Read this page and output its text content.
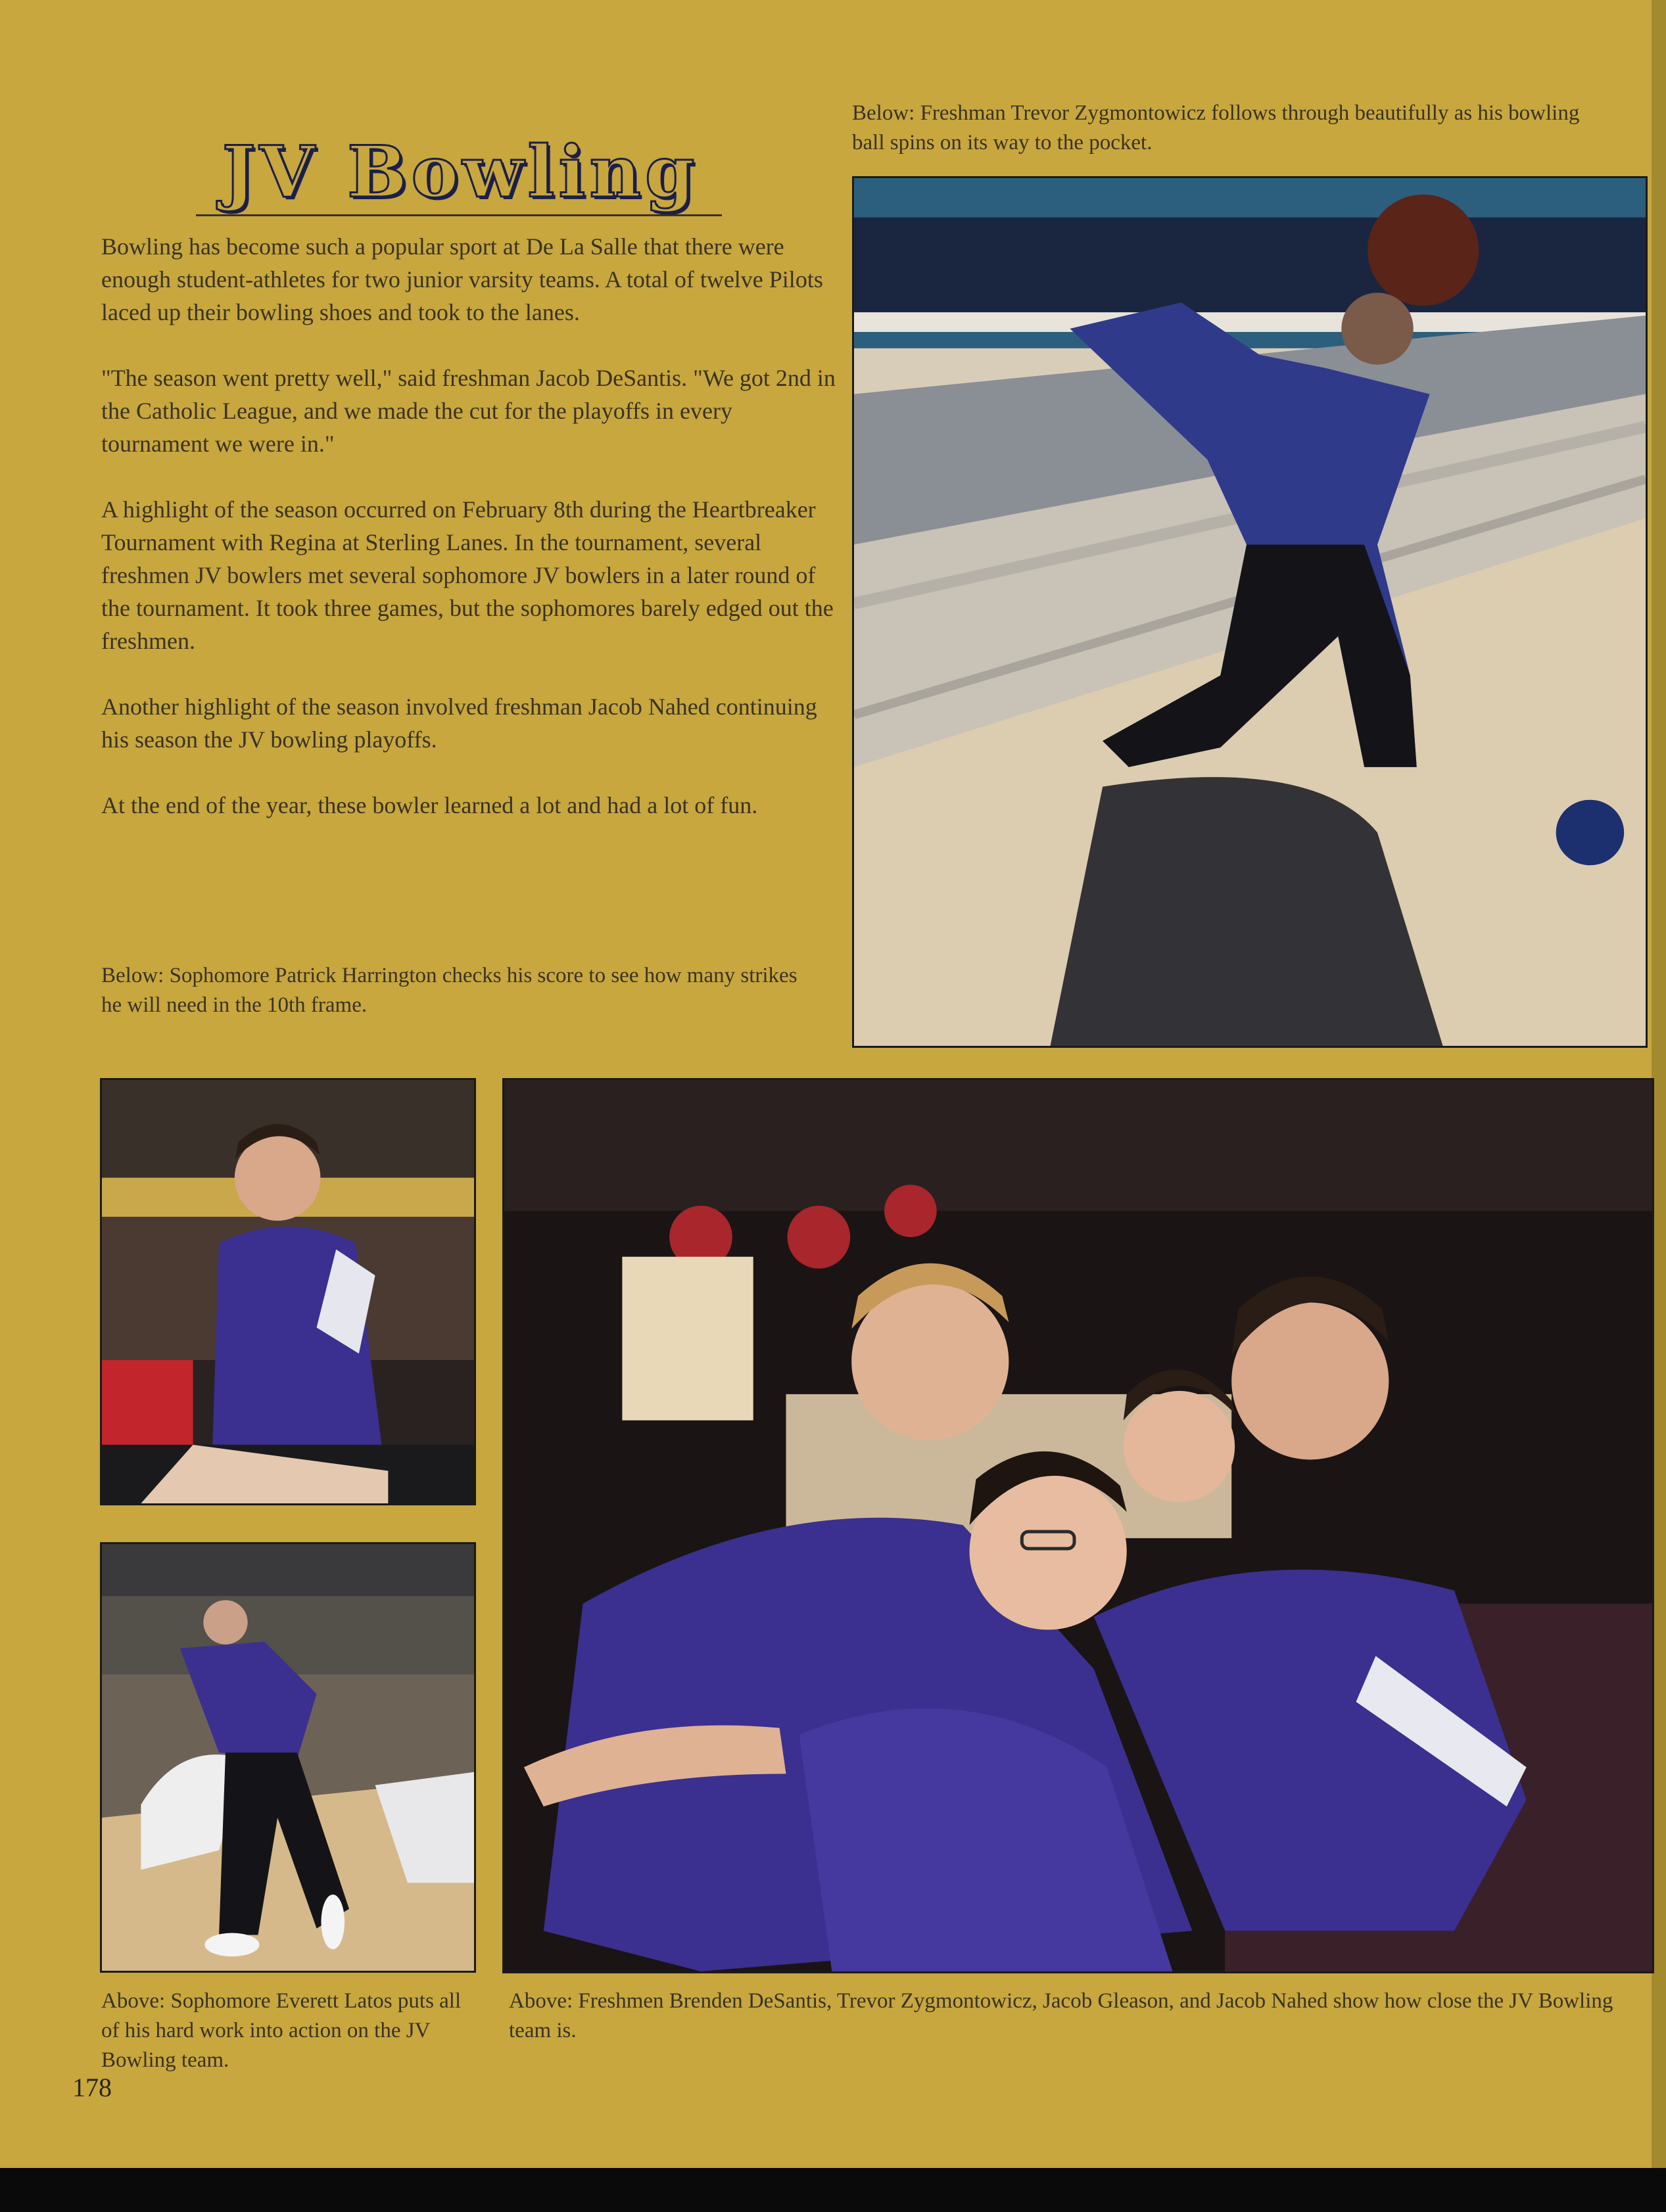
JV Bowling

Bowling has become such a popular sport at De La Salle that there were enough student-athletes for two junior varsity teams. A total of twelve Pilots laced up their bowling shoes and took to the lanes.

"The season went pretty well," said freshman Jacob DeSantis. "We got 2nd in the Catholic League, and we made the cut for the playoffs in every tournament we were in."

A highlight of the season occurred on February 8th during the Heartbreaker Tournament with Regina at Sterling Lanes. In the tournament, several freshmen JV bowlers met several sophomore JV bowlers in a later round of the tournament. It took three games, but the sophomores barely edged out the freshmen.

Another highlight of the season involved freshman Jacob Nahed continuing his season the JV bowling playoffs.

At the end of the year, these bowler learned a lot and had a lot of fun.

Below: Freshman Trevor Zygmontowicz follows through beautifully as his bowling ball spins on its way to the pocket.
Below: Sophomore Patrick Harrington checks his score to see how many strikes he will need in the 10th frame.
Above: Sophomore Everett Latos puts all of his hard work into action on the JV Bowling team.
Above: Freshmen Brenden DeSantis, Trevor Zygmontowicz, Jacob Gleason, and Jacob Nahed show how close the JV Bowling team is.
178
